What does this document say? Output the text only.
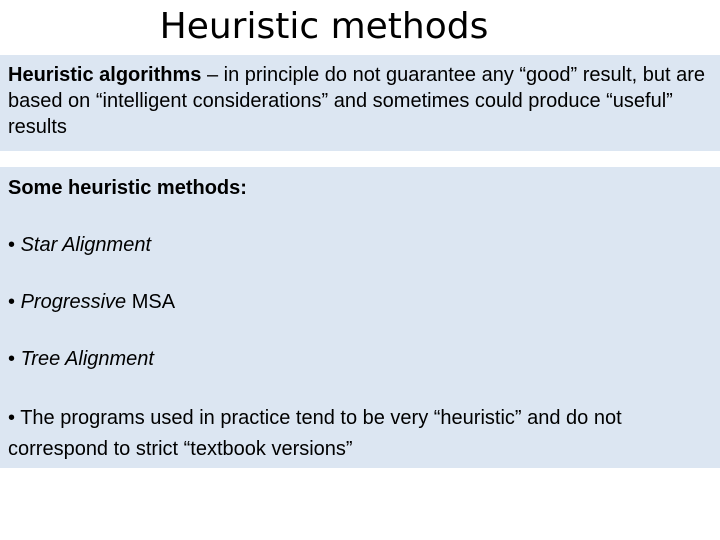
Heuristic methods

Heuristic algorithms – in principle do not guarantee any “good” result, but are based on “intelligent considerations” and sometimes could produce “useful” results

Some heuristic methods:

• Star Alignment

• Progressive MSA

• Tree Alignment

• The programs used in practice tend to be very “heuristic” and do not correspond to strict “textbook versions”
